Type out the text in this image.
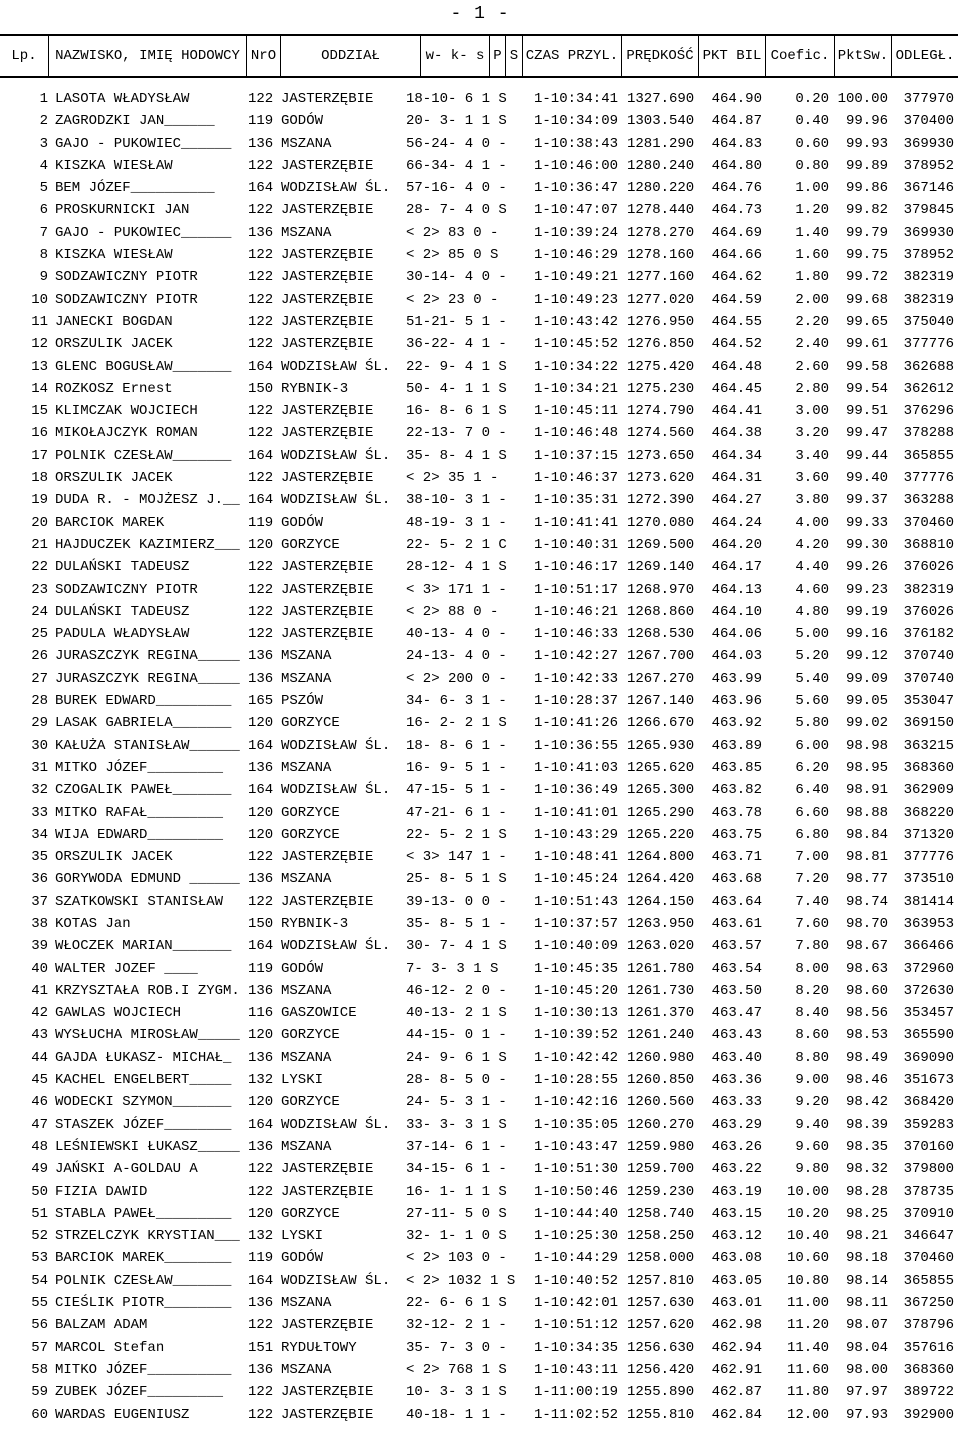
- 1 -
Lp.	NAZWISKO, IMIĘ HODOWCY NrO	ODDZIAŁ	w- k- s P S CZAS PRZYL. PRĘDKOŚĆ PKT BIL Coefic. PktSw. ODLEGŁ.
1 LASOTA WŁADYSŁAW	122 JASTERZĘBIE	18-10- 6 1 S	1-10:34:41 1327.690	464.90	0.20 100.00	377970
2 ZAGRODZKI JAN______	119 GODÓW	20- 3- 1 1 S	1-10:34:09 1303.540	464.87	0.40	99.96	370400
3 GAJO - PUKOWIEC______	136 MSZANA	56-24- 4 0 -	1-10:38:43 1281.290	464.83	0.60	99.93	369930
4 KISZKA WIESŁAW	122 JASTERZĘBIE	66-34- 4 1 -	1-10:46:00 1280.240	464.80	0.80	99.89	378952
5 BEM JÓZEF__________	164 WODZISŁAW ŚL.	57-16- 4 0 -	1-10:36:47 1280.220	464.76	1.00	99.86	367146
6 PROSKURNICKI JAN	122 JASTERZĘBIE	28- 7- 4 0 S	1-10:47:07 1278.440	464.73	1.20	99.82	379845
7 GAJO - PUKOWIEC______	136 MSZANA	< 2> 83 0 -	1-10:39:24 1278.270	464.69	1.40	99.79	369930
8 KISZKA WIESŁAW	122 JASTERZĘBIE	< 2> 85 0 S	1-10:46:29 1278.160	464.66	1.60	99.75	378952
9 SODZAWICZNY PIOTR	122 JASTERZĘBIE	30-14- 4 0 -	1-10:49:21 1277.160	464.62	1.80	99.72	382319
10 SODZAWICZNY PIOTR	122 JASTERZĘBIE	< 2> 23 0 -	1-10:49:23 1277.020	464.59	2.00	99.68	382319
11 JANECKI BOGDAN	122 JASTERZĘBIE	51-21- 5 1 -	1-10:43:42 1276.950	464.55	2.20	99.65	375040
12 ORSZULIK JACEK	122 JASTERZĘBIE	36-22- 4 1 -	1-10:45:52 1276.850	464.52	2.40	99.61	377776
13 GLENC BOGUSŁAW_______	164 WODZISŁAW ŚL.	22- 9- 4 1 S	1-10:34:22 1275.420	464.48	2.60	99.58	362688
14 ROZKOSZ Ernest	150 RYBNIK-3	50- 4- 1 1 S	1-10:34:21 1275.230	464.45	2.80	99.54	362612
15 KLIMCZAK WOJCIECH	122 JASTERZĘBIE	16- 8- 6 1 S	1-10:45:11 1274.790	464.41	3.00	99.51	376296
16 MIKOŁAJCZYK ROMAN	122 JASTERZĘBIE	22-13- 7 0 -	1-10:46:48 1274.560	464.38	3.20	99.47	378288
17 POLNIK CZESŁAW_______	164 WODZISŁAW ŚL.	35- 8- 4 1 S	1-10:37:15 1273.650	464.34	3.40	99.44	365855
18 ORSZULIK JACEK	122 JASTERZĘBIE	< 2> 35 1 -	1-10:46:37 1273.620	464.31	3.60	99.40	377776
19 DUDA R. - MOJŻESZ J.__ 164 WODZISŁAW ŚL.	38-10- 3 1 -	1-10:35:31 1272.390	464.27	3.80	99.37	363288
20 BARCIOK MAREK	119 GODÓW	48-19- 3 1 -	1-10:41:41 1270.080	464.24	4.00	99.33	370460
21 HAJDUCZEK KAZIMIERZ___ 120 GORZYCE	22- 5- 2 1 C	1-10:40:31 1269.500	464.20	4.20	99.30	368810
22 DULAŃSKI TADEUSZ	122 JASTERZĘBIE	28-12- 4 1 S	1-10:46:17 1269.140	464.17	4.40	99.26	376026
23 SODZAWICZNY PIOTR	122 JASTERZĘBIE	< 3> 171 1 -	1-10:51:17 1268.970	464.13	4.60	99.23	382319
24 DULAŃSKI TADEUSZ	122 JASTERZĘBIE	< 2> 88 0 -	1-10:46:21 1268.860	464.10	4.80	99.19	376026
25 PADULA WŁADYSŁAW	122 JASTERZĘBIE	40-13- 4 0 -	1-10:46:33 1268.530	464.06	5.00	99.16	376182
26 JURASZCZYK REGINA_____ 136 MSZANA	24-13- 4 0 -	1-10:42:27 1267.700	464.03	5.20	99.12	370740
27 JURASZCZYK REGINA_____ 136 MSZANA	< 2> 200 0 -	1-10:42:33 1267.270	463.99	5.40	99.09	370740
28 BUREK EDWARD_________	165 PSZÓW	34- 6- 3 1 -	1-10:28:37 1267.140	463.96	5.60	99.05	353047
29 LASAK GABRIELA_______	120 GORZYCE	16- 2- 2 1 S	1-10:41:26 1266.670	463.92	5.80	99.02	369150
30 KAŁUŻA STANISŁAW______ 164 WODZISŁAW ŚL.	18- 8- 6 1 -	1-10:36:55 1265.930	463.89	6.00	98.98	363215
31 MITKO JÓZEF_________	136 MSZANA	16- 9- 5 1 -	1-10:41:03 1265.620	463.85	6.20	98.95	368360
32 CZOGALIK PAWEŁ_______	164 WODZISŁAW ŚL.	47-15- 5 1 -	1-10:36:49 1265.300	463.82	6.40	98.91	362909
33 MITKO RAFAŁ_________	120 GORZYCE	47-21- 6 1 -	1-10:41:01 1265.290	463.78	6.60	98.88	368220
34 WIJA EDWARD_________	120 GORZYCE	22- 5- 2 1 S	1-10:43:29 1265.220	463.75	6.80	98.84	371320
35 ORSZULIK JACEK	122 JASTERZĘBIE	< 3> 147 1 -	1-10:48:41 1264.800	463.71	7.00	98.81	377776
36 GORYWODA EDMUND ______ 136 MSZANA	25- 8- 5 1 S	1-10:45:24 1264.420	463.68	7.20	98.77	373510
37 SZATKOWSKI STANISŁAW	122 JASTERZĘBIE	39-13- 0 0 -	1-10:51:43 1264.150	463.64	7.40	98.74	381414
38 KOTAS Jan	150 RYBNIK-3	35- 8- 5 1 -	1-10:37:57 1263.950	463.61	7.60	98.70	363953
39 WŁOCZEK MARIAN_______	164 WODZISŁAW ŚL.	30- 7- 4 1 S	1-10:40:09 1263.020	463.57	7.80	98.67	366466
40 WALTER JOZEF ____	119 GODÓW	7- 3- 3 1 S	1-10:45:35 1261.780	463.54	8.00	98.63	372960
41 KRZYSZTAŁA ROB.I ZYGM. 136 MSZANA	46-12- 2 0 -	1-10:45:20 1261.730	463.50	8.20	98.60	372630
42 GAWLAS WOJCIECH	116 GASZOWICE	40-13- 2 1 S	1-10:30:13 1261.370	463.47	8.40	98.56	353457
43 WYSŁUCHA MIROSŁAW_____ 120 GORZYCE	44-15- 0 1 -	1-10:39:52 1261.240	463.43	8.60	98.53	365590
44 GAJDA ŁUKASZ- MICHAŁ_	136 MSZANA	24- 9- 6 1 S	1-10:42:42 1260.980	463.40	8.80	98.49	369090
45 KACHEL ENGELBERT_____	132 LYSKI	28- 8- 5 0 -	1-10:28:55 1260.850	463.36	9.00	98.46	351673
46 WODECKI SZYMON_______	120 GORZYCE	24- 5- 3 1 -	1-10:42:16 1260.560	463.33	9.20	98.42	368420
47 STASZEK JÓZEF________	164 WODZISŁAW ŚL.	33- 3- 3 1 S	1-10:35:05 1260.270	463.29	9.40	98.39	359283
48 LEŚNIEWSKI ŁUKASZ_____ 136 MSZANA	37-14- 6 1 -	1-10:43:47 1259.980	463.26	9.60	98.35	370160
49 JAŃSKI A-GOLDAU A	122 JASTERZĘBIE	34-15- 6 1 -	1-10:51:30 1259.700	463.22	9.80	98.32	379800
50 FIZIA DAWID	122 JASTERZĘBIE	16- 1- 1 1 S	1-10:50:46 1259.230	463.19	10.00	98.28	378735
51 STABLA PAWEŁ_________	120 GORZYCE	27-11- 5 0 S	1-10:44:40 1258.740	463.15	10.20	98.25	370910
52 STRZELCZYK KRYSTIAN___ 132 LYSKI	32- 1- 1 0 S	1-10:25:30 1258.250	463.12	10.40	98.21	346647
53 BARCIOK MAREK________	119 GODÓW	< 2> 103 0 -	1-10:44:29 1258.000	463.08	10.60	98.18	370460
54 POLNIK CZESŁAW_______	164 WODZISŁAW ŚL.	< 2> 1032 1 S 1-10:40:52 1257.810	463.05	10.80	98.14	365855
55 CIEŚLIK PIOTR________	136 MSZANA	22- 6- 6 1 S	1-10:42:01 1257.630	463.01	11.00	98.11	367250
56 BALZAM ADAM	122 JASTERZĘBIE	32-12- 2 1 -	1-10:51:12 1257.620	462.98	11.20	98.07	378796
57 MARCOL Stefan	151 RYDUŁTOWY	35- 7- 3 0 -	1-10:34:35 1256.630	462.94	11.40	98.04	357616
58 MITKO JÓZEF__________	136 MSZANA	< 2> 768 1 S	1-10:43:11 1256.420	462.91	11.60	98.00	368360
59 ZUBEK JÓZEF_________	122 JASTERZĘBIE	10- 3- 3 1 S	1-11:00:19 1255.890	462.87	11.80	97.97	389722
60 WARDAS EUGENIUSZ	122 JASTERZĘBIE	40-18- 1 1 -	1-11:02:52 1255.810	462.84	12.00	97.93	392900
